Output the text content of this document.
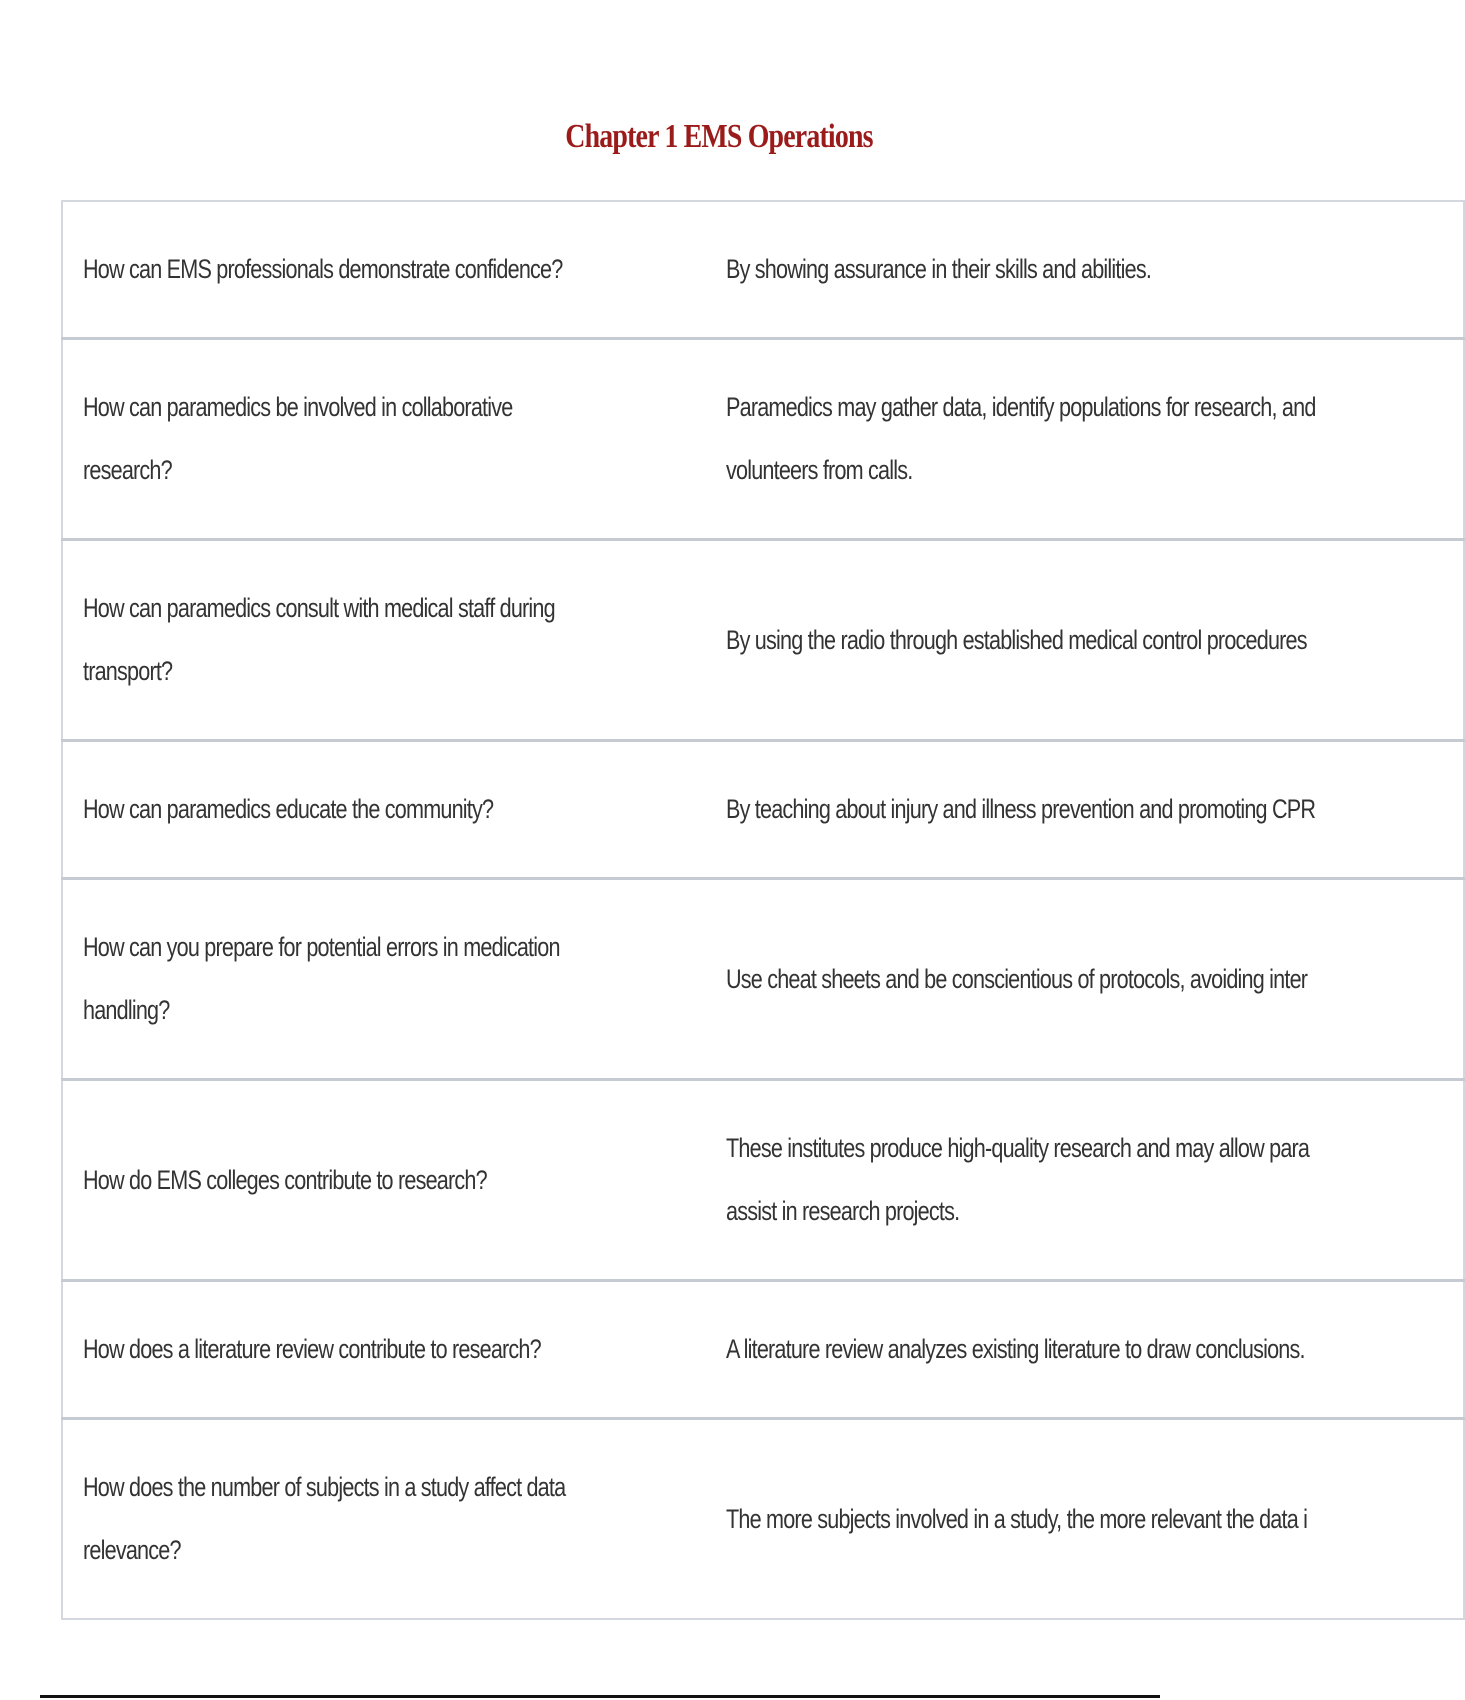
Chapter 1 EMS Operations
How can EMS professionals demonstrate confidence?	By showing assurance in their skills and abilities.

How can paramedics be involved in collaborative
research?	Paramedics may gather data, identify populations for research, and
volunteers from calls.

How can paramedics consult with medical staff during
transport?	By using the radio through established medical control procedures

How can paramedics educate the community?	By teaching about injury and illness prevention and promoting CPR

How can you prepare for potential errors in medication
handling?	Use cheat sheets and be conscientious of protocols, avoiding inter

How do EMS colleges contribute to research?	These institutes produce high-quality research and may allow para
assist in research projects.

How does a literature review contribute to research?	A literature review analyzes existing literature to draw conclusions.

How does the number of subjects in a study affect data
relevance?	The more subjects involved in a study, the more relevant the data i
